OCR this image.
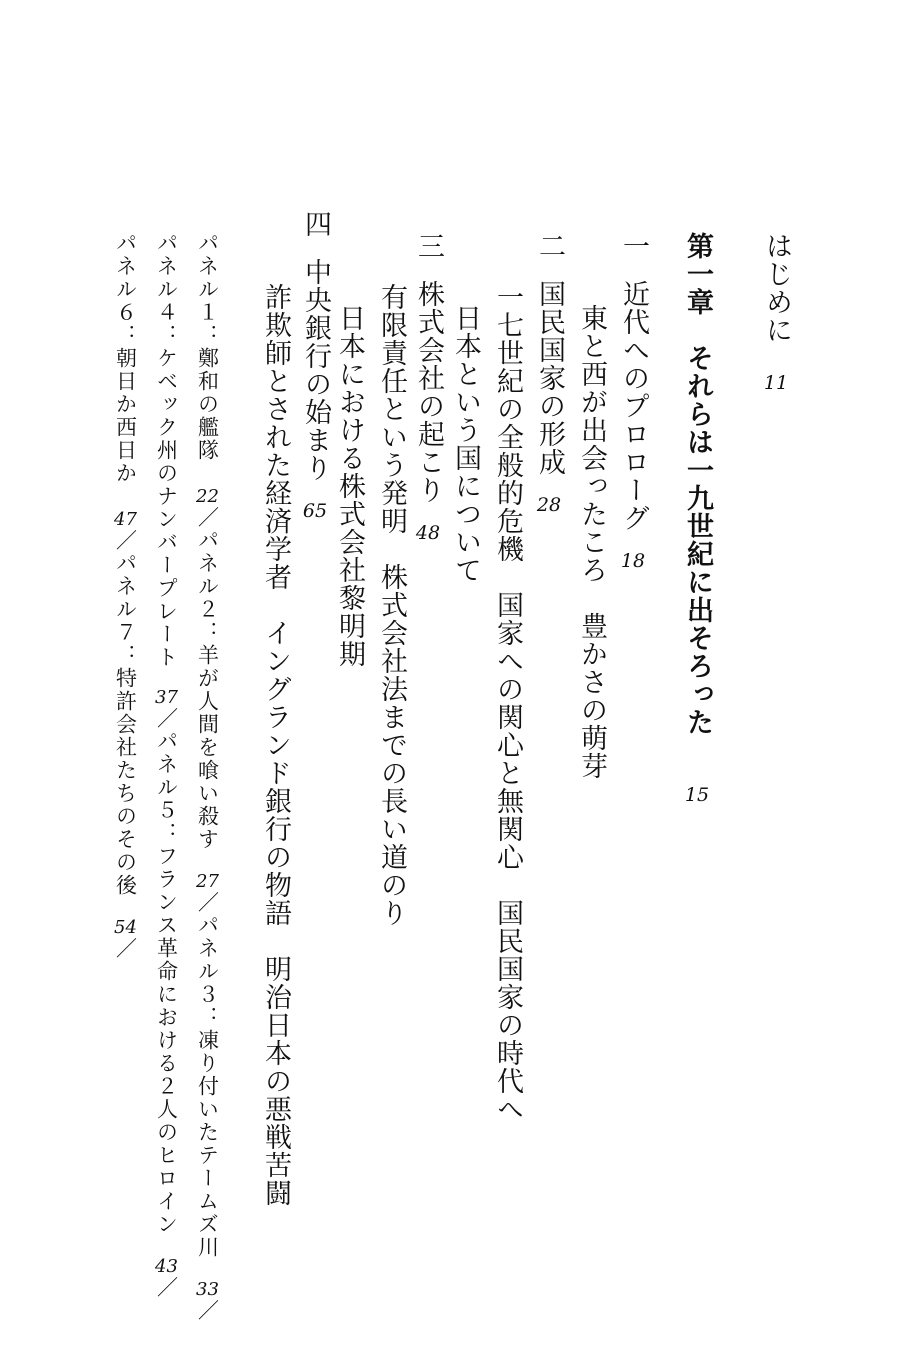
はじめに11
第一章　それらは一九世紀に出そろった15
一近代へのプロローグ18
東と西が出会ったころ　豊かさの萌芽
二国民国家の形成28
一七世紀の全般的危機　国家への関心と無関心　国民国家の時代へ
日本という国について
三株式会社の起こり48
有限責任という発明　株式会社法までの長い道のり
日本における株式会社黎明期
四中央銀行の始まり65
詐欺師とされた経済学者　イングランド銀行の物語　明治日本の悪戦苦闘
パネル１：鄭和の艦隊22／パネル２：羊が人間を喰い殺す27／パネル３：凍り付いたテームズ川33／
パネル４：ケベック州のナンバープレート37／パネル５：フランス革命における２人のヒロイン43／
パネル６：朝日か西日か47／パネル７：特許会社たちのその後54／
